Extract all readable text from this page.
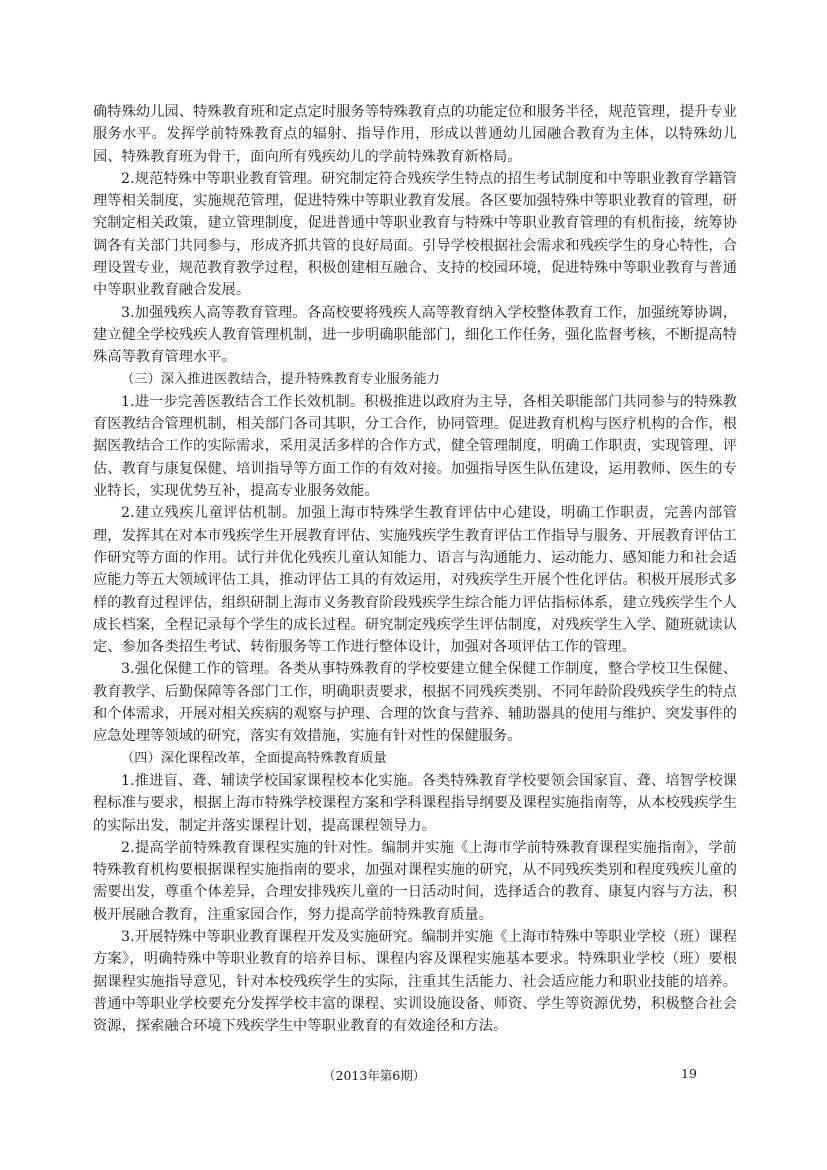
确特殊幼儿园、特殊教育班和定点定时服务等特殊教育点的功能定位和服务半径，规范管理，提升专业服务水平。发挥学前特殊教育点的辐射、指导作用，形成以普通幼儿园融合教育为主体，以特殊幼儿园、特殊教育班为骨干，面向所有残疾幼儿的学前特殊教育新格局。

2.规范特殊中等职业教育管理。研究制定符合残疾学生特点的招生考试制度和中等职业教育学籍管理等相关制度，实施规范管理，促进特殊中等职业教育发展。各区要加强特殊中等职业教育的管理，研究制定相关政策，建立管理制度，促进普通中等职业教育与特殊中等职业教育管理的有机衔接，统筹协调各有关部门共同参与，形成齐抓共管的良好局面。引导学校根据社会需求和残疾学生的身心特性，合理设置专业，规范教育教学过程，积极创建相互融合、支持的校园环境，促进特殊中等职业教育与普通中等职业教育融合发展。

3.加强残疾人高等教育管理。各高校要将残疾人高等教育纳入学校整体教育工作，加强统筹协调，建立健全学校残疾人教育管理机制，进一步明确职能部门，细化工作任务，强化监督考核，不断提高特殊高等教育管理水平。

（三）深入推进医教结合，提升特殊教育专业服务能力

1.进一步完善医教结合工作长效机制。积极推进以政府为主导，各相关职能部门共同参与的特殊教育医教结合管理机制，相关部门各司其职，分工合作，协同管理。促进教育机构与医疗机构的合作，根据医教结合工作的实际需求，采用灵活多样的合作方式，健全管理制度，明确工作职责，实现管理、评估、教育与康复保健、培训指导等方面工作的有效对接。加强指导医生队伍建设，运用教师、医生的专业特长，实现优势互补，提高专业服务效能。

2.建立残疾儿童评估机制。加强上海市特殊学生教育评估中心建设，明确工作职责，完善内部管理，发挥其在对本市残疾学生开展教育评估、实施残疾学生教育评估工作指导与服务、开展教育评估工作研究等方面的作用。试行并优化残疾儿童认知能力、语言与沟通能力、运动能力、感知能力和社会适应能力等五大领域评估工具，推动评估工具的有效运用，对残疾学生开展个性化评估。积极开展形式多样的教育过程评估，组织研制上海市义务教育阶段残疾学生综合能力评估指标体系，建立残疾学生个人成长档案，全程记录每个学生的成长过程。研究制定残疾学生评估制度，对残疾学生入学、随班就读认定、参加各类招生考试、转衔服务等工作进行整体设计，加强对各项评估工作的管理。

3.强化保健工作的管理。各类从事特殊教育的学校要建立健全保健工作制度，整合学校卫生保健、教育教学、后勤保障等各部门工作，明确职责要求，根据不同残疾类别、不同年龄阶段残疾学生的特点和个体需求，开展对相关疾病的观察与护理、合理的饮食与营养、辅助器具的使用与维护、突发事件的应急处理等领域的研究，落实有效措施，实施有针对性的保健服务。

（四）深化课程改革，全面提高特殊教育质量

1.推进盲、聋、辅读学校国家课程校本化实施。各类特殊教育学校要领会国家盲、聋、培智学校课程标准与要求，根据上海市特殊学校课程方案和学科课程指导纲要及课程实施指南等，从本校残疾学生的实际出发，制定并落实课程计划，提高课程领导力。

2.提高学前特殊教育课程实施的针对性。编制并实施《上海市学前特殊教育课程实施指南》，学前特殊教育机构要根据课程实施指南的要求，加强对课程实施的研究，从不同残疾类别和程度残疾儿童的需要出发，尊重个体差异，合理安排残疾儿童的一日活动时间，选择适合的教育、康复内容与方法，积极开展融合教育，注重家园合作，努力提高学前特殊教育质量。

3.开展特殊中等职业教育课程开发及实施研究。编制并实施《上海市特殊中等职业学校（班）课程方案》，明确特殊中等职业教育的培养目标、课程内容及课程实施基本要求。特殊职业学校（班）要根据课程实施指导意见，针对本校残疾学生的实际，注重其生活能力、社会适应能力和职业技能的培养。普通中等职业学校要充分发挥学校丰富的课程、实训设施设备、师资、学生等资源优势，积极整合社会资源，探索融合环境下残疾学生中等职业教育的有效途径和方法。

（2013年第6期）	19
